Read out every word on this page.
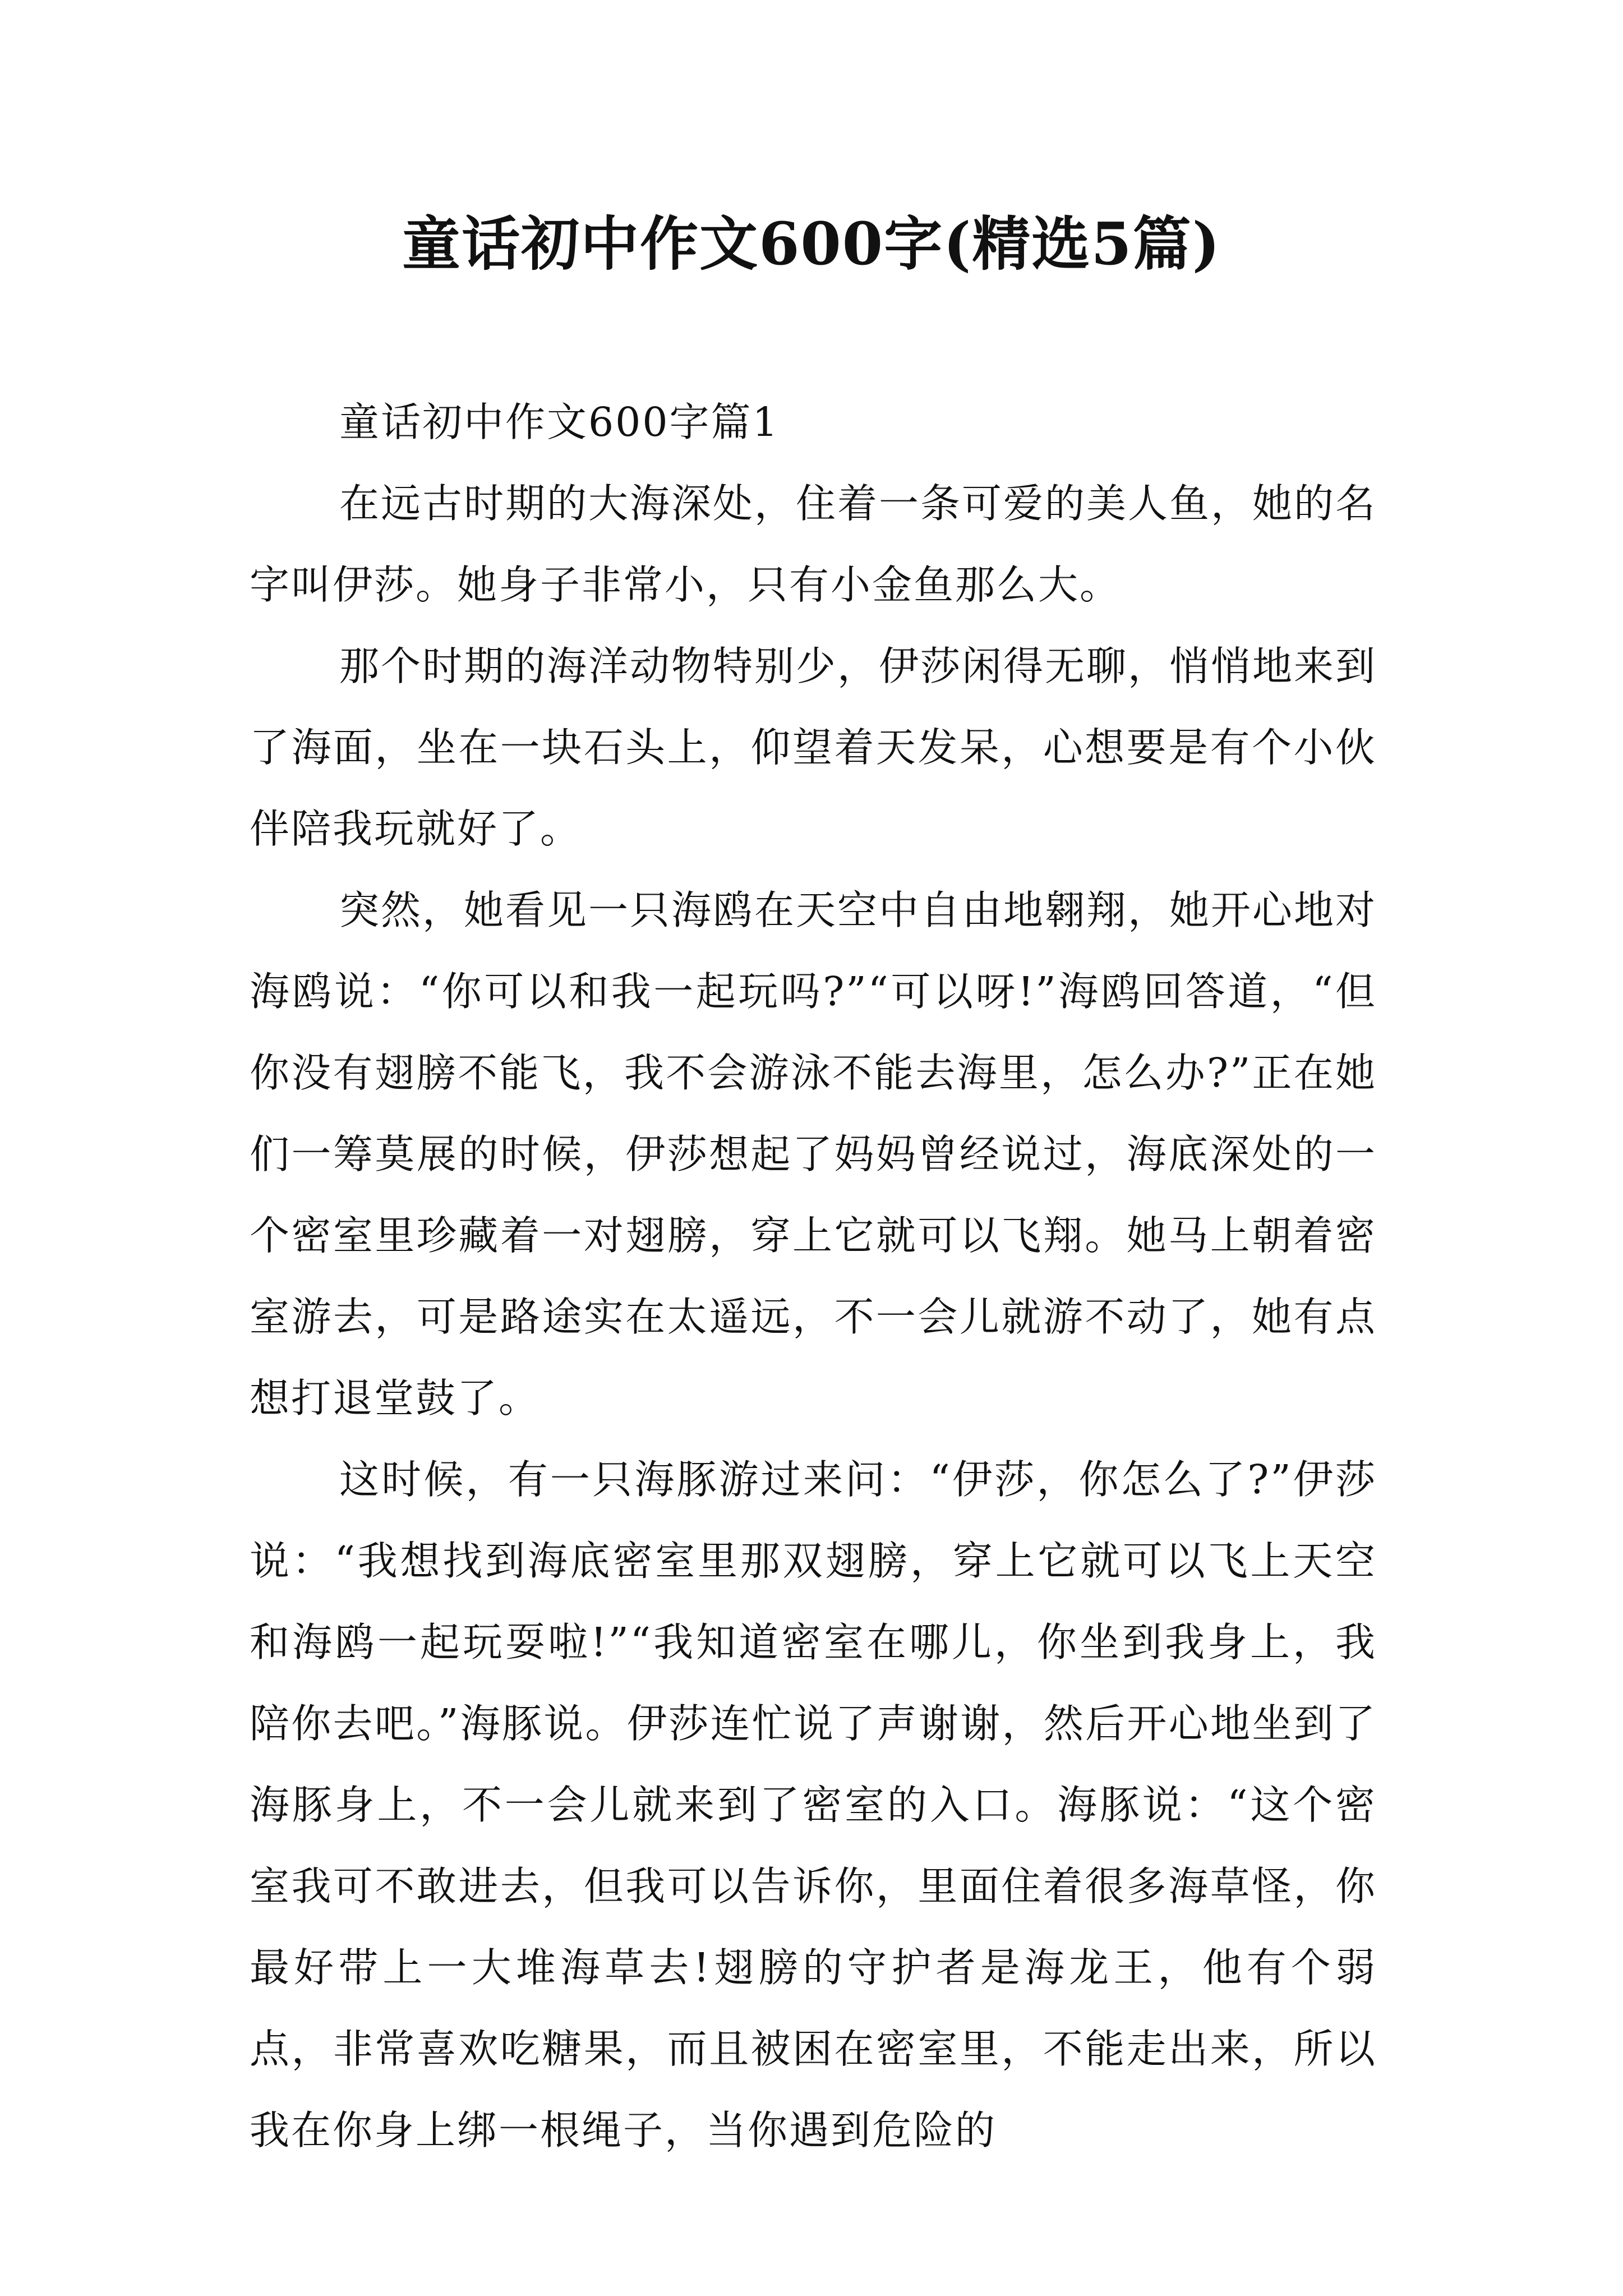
童话初中作文600字(精选5篇)

童话初中作文600字篇1

在远古时期的大海深处，住着一条可爱的美人鱼，她的名字叫伊莎。她身子非常小，只有小金鱼那么大。

那个时期的海洋动物特别少，伊莎闲得无聊，悄悄地来到了海面，坐在一块石头上，仰望着天发呆，心想要是有个小伙伴陪我玩就好了。

突然，她看见一只海鸥在天空中自由地翱翔，她开心地对海鸥说：“你可以和我一起玩吗?”“可以呀!”海鸥回答道，“但你没有翅膀不能飞，我不会游泳不能去海里，怎么办?”正在她们一筹莫展的时候，伊莎想起了妈妈曾经说过，海底深处的一个密室里珍藏着一对翅膀，穿上它就可以飞翔。她马上朝着密室游去，可是路途实在太遥远，不一会儿就游不动了，她有点想打退堂鼓了。

这时候，有一只海豚游过来问：“伊莎，你怎么了?”伊莎说：“我想找到海底密室里那双翅膀，穿上它就可以飞上天空和海鸥一起玩耍啦!”“我知道密室在哪儿，你坐到我身上，我陪你去吧。”海豚说。伊莎连忙说了声谢谢，然后开心地坐到了海豚身上，不一会儿就来到了密室的入口。海豚说：“这个密室我可不敢进去，但我可以告诉你，里面住着很多海草怪，你最好带上一大堆海草去!翅膀的守护者是海龙王，他有个弱点，非常喜欢吃糖果，而且被困在密室里，不能走出来，所以我在你身上绑一根绳子，当你遇到危险的
